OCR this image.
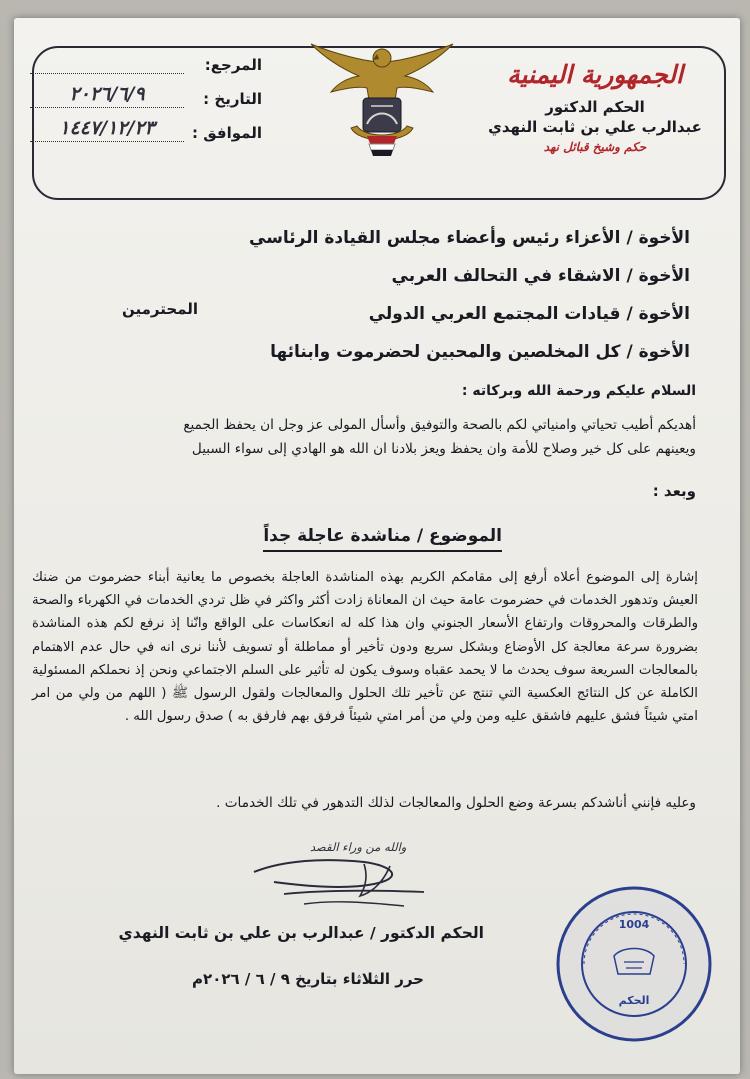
الجمهورية اليمنية
الحكم الدكتور
عبدالرب علي بن ثابت النهدي
حكم وشيخ قبائل نهد
المرجع:
التاريخ :
٢٠٢٦/٦/٩
الموافق :
١٤٤٧/١٢/٢٣
الأخوة / الأعزاء رئيس وأعضاء مجلس القيادة الرئاسي
الأخوة / الاشقاء في التحالف العربي
الأخوة / قيادات المجتمع العربي الدولي
الأخوة / كل المخلصين والمحبين لحضرموت وابنائها
المحترمين
السلام عليكم ورحمة الله وبركاته :
أهديكم أطيب تحياتي وامنياتي لكم بالصحة والتوفيق وأسأل المولى عز وجل ان يحفظ الجميع
ويعينهم على كل خير وصلاح للأمة وان يحفظ ويعز بلادنا ان الله هو الهادي إلى سواء السبيل
وبعد :
الموضوع / مناشدة عاجلة جداً
إشارة إلى الموضوع أعلاه أرفع إلى مقامكم الكريم بهذه المناشدة العاجلة بخصوص ما يعانية أبناء حضرموت من ضنك العيش وتدهور الخدمات في حضرموت عامة حيث ان المعاناة زادت أكثر واكثر في ظل تردي الخدمات في الكهرباء والصحة والطرقات والمحروقات وارتفاع الأسعار الجنوني وان هذا كله له انعكاسات على الواقع وانّنا إذ نرفع لكم هذه المناشدة بضرورة سرعة معالجة كل الأوضاع وبشكل سريع ودون تأخير أو مماطلة أو تسويف لأننا نرى انه في حال عدم الاهتمام بالمعالجات السريعة سوف يحدث ما لا يحمد عقباه وسوف يكون له تأثير على السلم الاجتماعي ونحن إذ نحملكم المسئولية الكاملة عن كل النتائج العكسية التي تنتج عن تأخير تلك الحلول والمعالجات ولقول الرسول ﷺ ( اللهم من ولي من امر امتي شيئاً فشق عليهم فاشقق عليه ومن ولي من أمر امتي شيئاً فرفق بهم فارفق به ) صدق رسول الله .
وعليه فإنني أناشدكم بسرعة وضع الحلول والمعالجات لذلك التدهور في تلك الخدمات .
والله من وراء القصد
الحكم الدكتور / عبدالرب بن علي بن ثابت النهدي
حرر الثلاثاء بتاريخ ٩ / ٦ / ٢٠٢٦م
1004
الحكم
